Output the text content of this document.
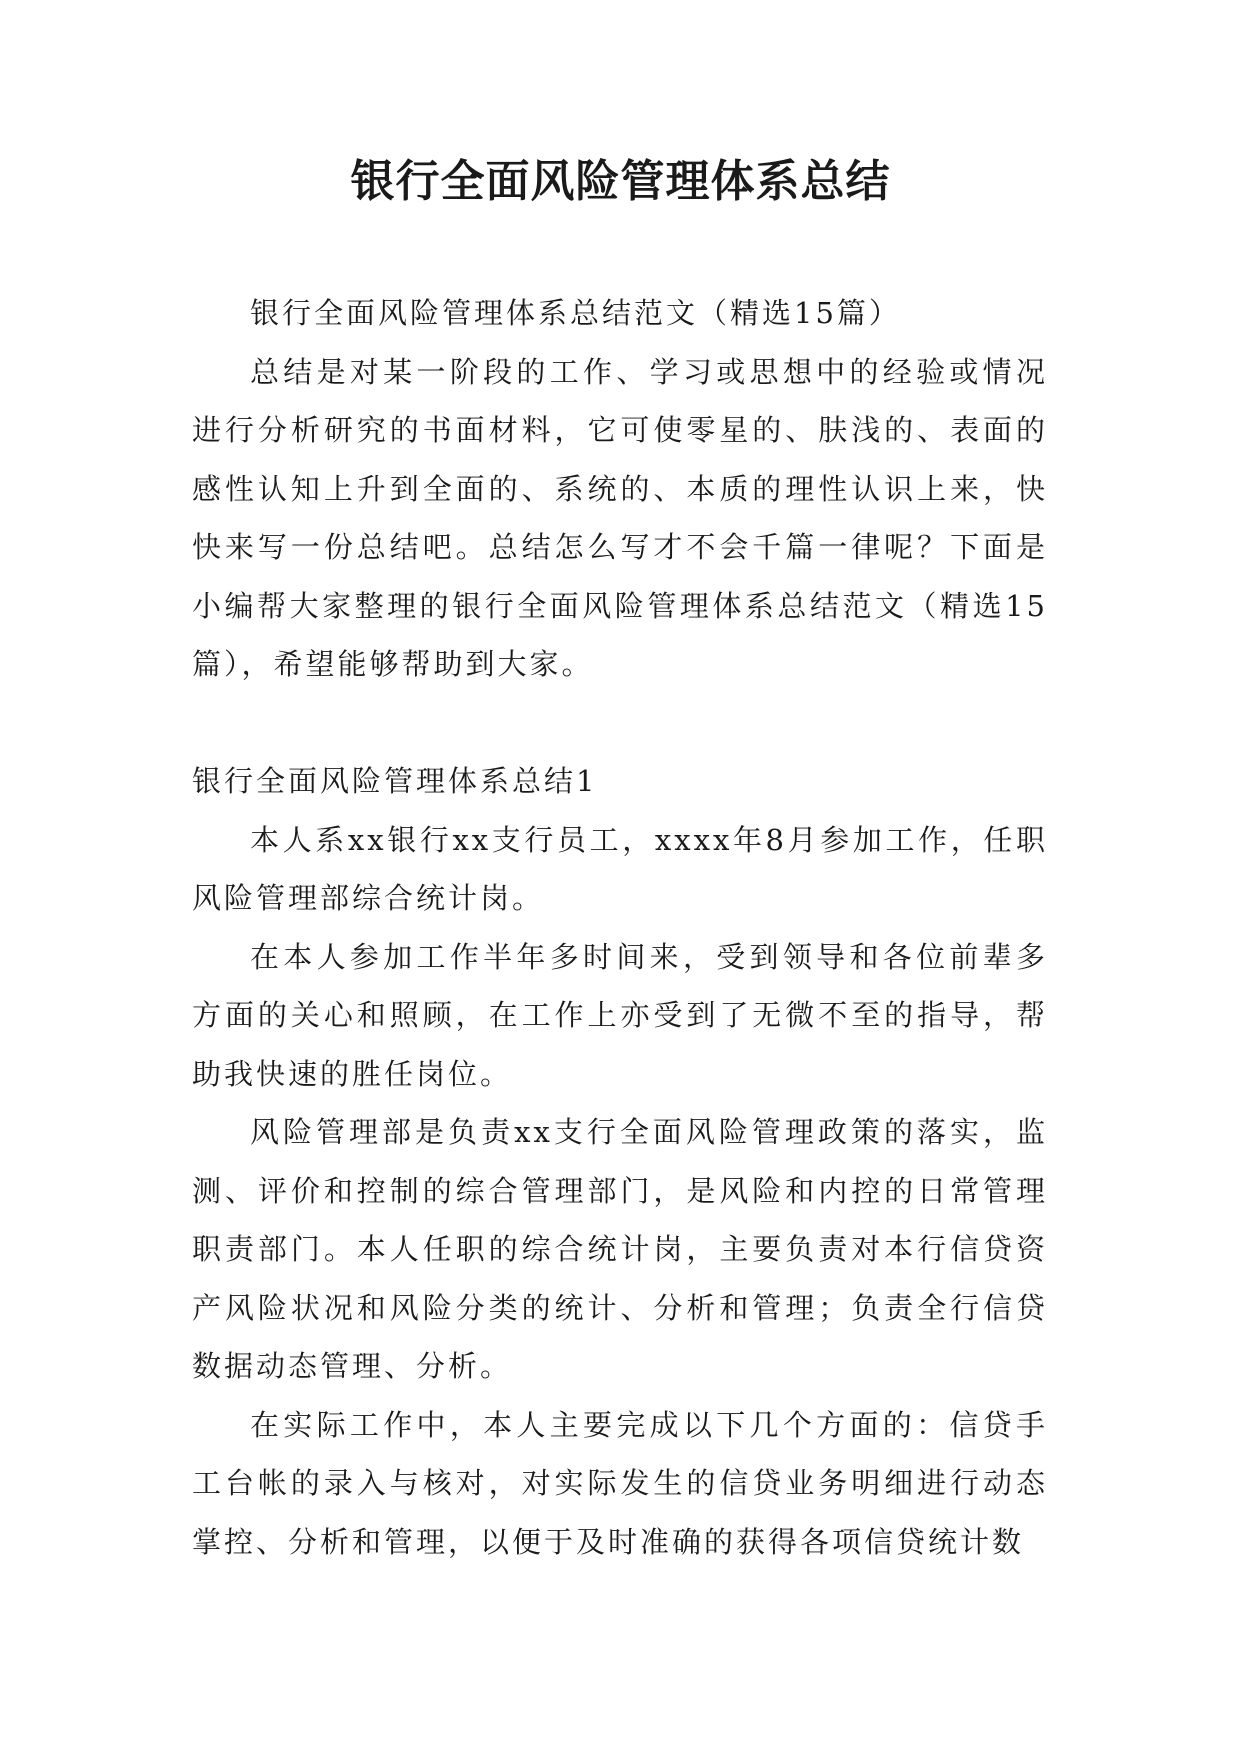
银行全面风险管理体系总结

银行全面风险管理体系总结范文（精选15篇）

总结是对某一阶段的工作、学习或思想中的经验或情况进行分析研究的书面材料，它可使零星的、肤浅的、表面的感性认知上升到全面的、系统的、本质的理性认识上来，快快来写一份总结吧。总结怎么写才不会千篇一律呢？下面是小编帮大家整理的银行全面风险管理体系总结范文（精选15篇），希望能够帮助到大家。

银行全面风险管理体系总结1

本人系xx银行xx支行员工，xxxx年8月参加工作，任职风险管理部综合统计岗。

在本人参加工作半年多时间来，受到领导和各位前辈多方面的关心和照顾，在工作上亦受到了无微不至的指导，帮助我快速的胜任岗位。

风险管理部是负责xx支行全面风险管理政策的落实，监测、评价和控制的综合管理部门，是风险和内控的日常管理职责部门。本人任职的综合统计岗，主要负责对本行信贷资产风险状况和风险分类的统计、分析和管理；负责全行信贷数据动态管理、分析。

在实际工作中，本人主要完成以下几个方面的：信贷手工台帐的录入与核对，对实际发生的信贷业务明细进行动态掌控、分析和管理，以便于及时准确的获得各项信贷统计数
